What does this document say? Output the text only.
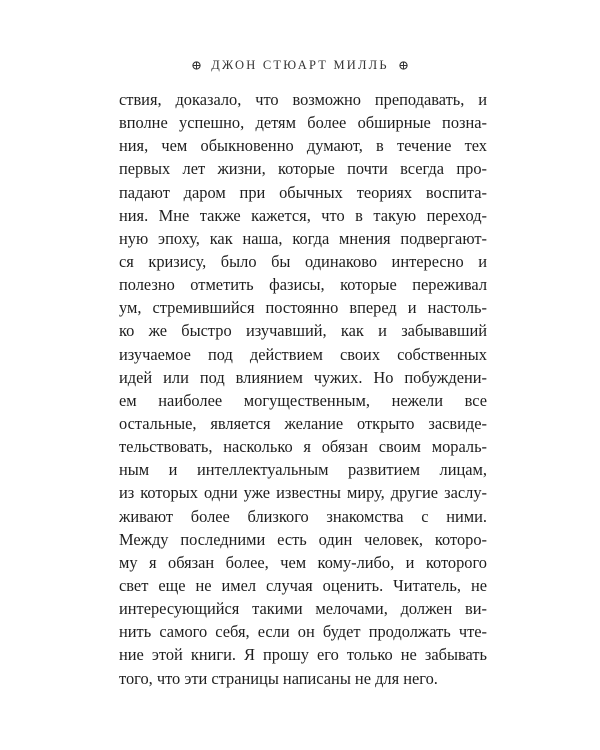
ДЖОН СТЮАРТ МИЛЛЬ
ствия, доказало, что возможно преподавать, и
вполне успешно, детям более обширные позна-
ния, чем обыкновенно думают, в течение тех
первых лет жизни, которые почти всегда про-
падают даром при обычных теориях воспита-
ния. Мне также кажется, что в такую переход-
ную эпоху, как наша, когда мнения подвергают-
ся кризису, было бы одинаково интересно и
полезно отметить фазисы, которые переживал
ум, стремившийся постоянно вперед и настоль-
ко же быстро изучавший, как и забывавший
изучаемое под действием своих собственных
идей или под влиянием чужих. Но побуждени-
ем наиболее могущественным, нежели все
остальные, является желание открыто засвиде-
тельствовать, насколько я обязан своим мораль-
ным и интеллектуальным развитием лицам,
из которых одни уже известны миру, другие заслу-
живают более близкого знакомства с ними.
Между последними есть один человек, которо-
му я обязан более, чем кому-либо, и которого
свет еще не имел случая оценить. Читатель, не
интересующийся такими мелочами, должен ви-
нить самого себя, если он будет продолжать чте-
ние этой книги. Я прошу его только не забывать
того, что эти страницы написаны не для него.
